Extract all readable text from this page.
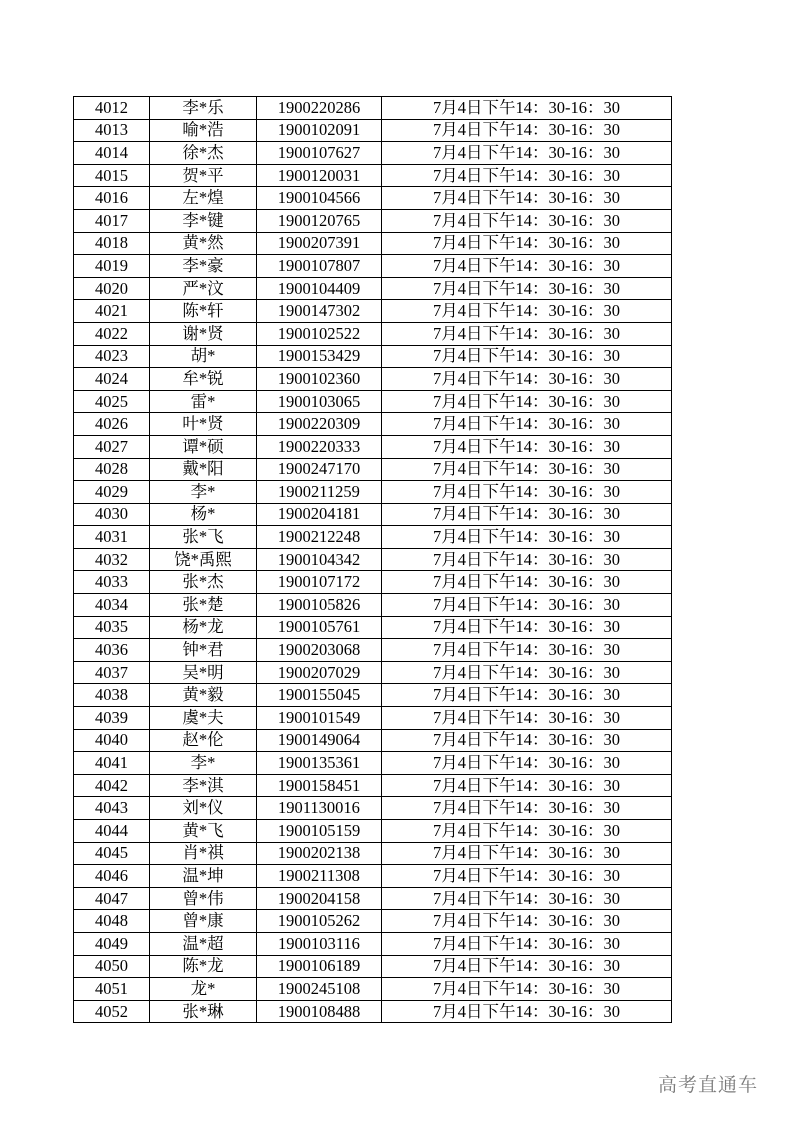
4012	李*乐	1900220286	7月4日下午14：30-16：30
4013	喻*浩	1900102091	7月4日下午14：30-16：30
4014	徐*杰	1900107627	7月4日下午14：30-16：30
4015	贺*平	1900120031	7月4日下午14：30-16：30
4016	左*煌	1900104566	7月4日下午14：30-16：30
4017	李*键	1900120765	7月4日下午14：30-16：30
4018	黄*然	1900207391	7月4日下午14：30-16：30
4019	李*豪	1900107807	7月4日下午14：30-16：30
4020	严*汶	1900104409	7月4日下午14：30-16：30
4021	陈*轩	1900147302	7月4日下午14：30-16：30
4022	谢*贤	1900102522	7月4日下午14：30-16：30
4023	胡*	1900153429	7月4日下午14：30-16：30
4024	牟*锐	1900102360	7月4日下午14：30-16：30
4025	雷*	1900103065	7月4日下午14：30-16：30
4026	叶*贤	1900220309	7月4日下午14：30-16：30
4027	谭*硕	1900220333	7月4日下午14：30-16：30
4028	戴*阳	1900247170	7月4日下午14：30-16：30
4029	李*	1900211259	7月4日下午14：30-16：30
4030	杨*	1900204181	7月4日下午14：30-16：30
4031	张*飞	1900212248	7月4日下午14：30-16：30
4032	饶*禹熙	1900104342	7月4日下午14：30-16：30
4033	张*杰	1900107172	7月4日下午14：30-16：30
4034	张*楚	1900105826	7月4日下午14：30-16：30
4035	杨*龙	1900105761	7月4日下午14：30-16：30
4036	钟*君	1900203068	7月4日下午14：30-16：30
4037	吴*明	1900207029	7月4日下午14：30-16：30
4038	黄*毅	1900155045	7月4日下午14：30-16：30
4039	虞*夫	1900101549	7月4日下午14：30-16：30
4040	赵*伦	1900149064	7月4日下午14：30-16：30
4041	李*	1900135361	7月4日下午14：30-16：30
4042	李*淇	1900158451	7月4日下午14：30-16：30
4043	刘*仪	1901130016	7月4日下午14：30-16：30
4044	黄*飞	1900105159	7月4日下午14：30-16：30
4045	肖*祺	1900202138	7月4日下午14：30-16：30
4046	温*坤	1900211308	7月4日下午14：30-16：30
4047	曾*伟	1900204158	7月4日下午14：30-16：30
4048	曾*康	1900105262	7月4日下午14：30-16：30
4049	温*超	1900103116	7月4日下午14：30-16：30
4050	陈*龙	1900106189	7月4日下午14：30-16：30
4051	龙*	1900245108	7月4日下午14：30-16：30
4052	张*琳	1900108488	7月4日下午14：30-16：30
高考直通车
